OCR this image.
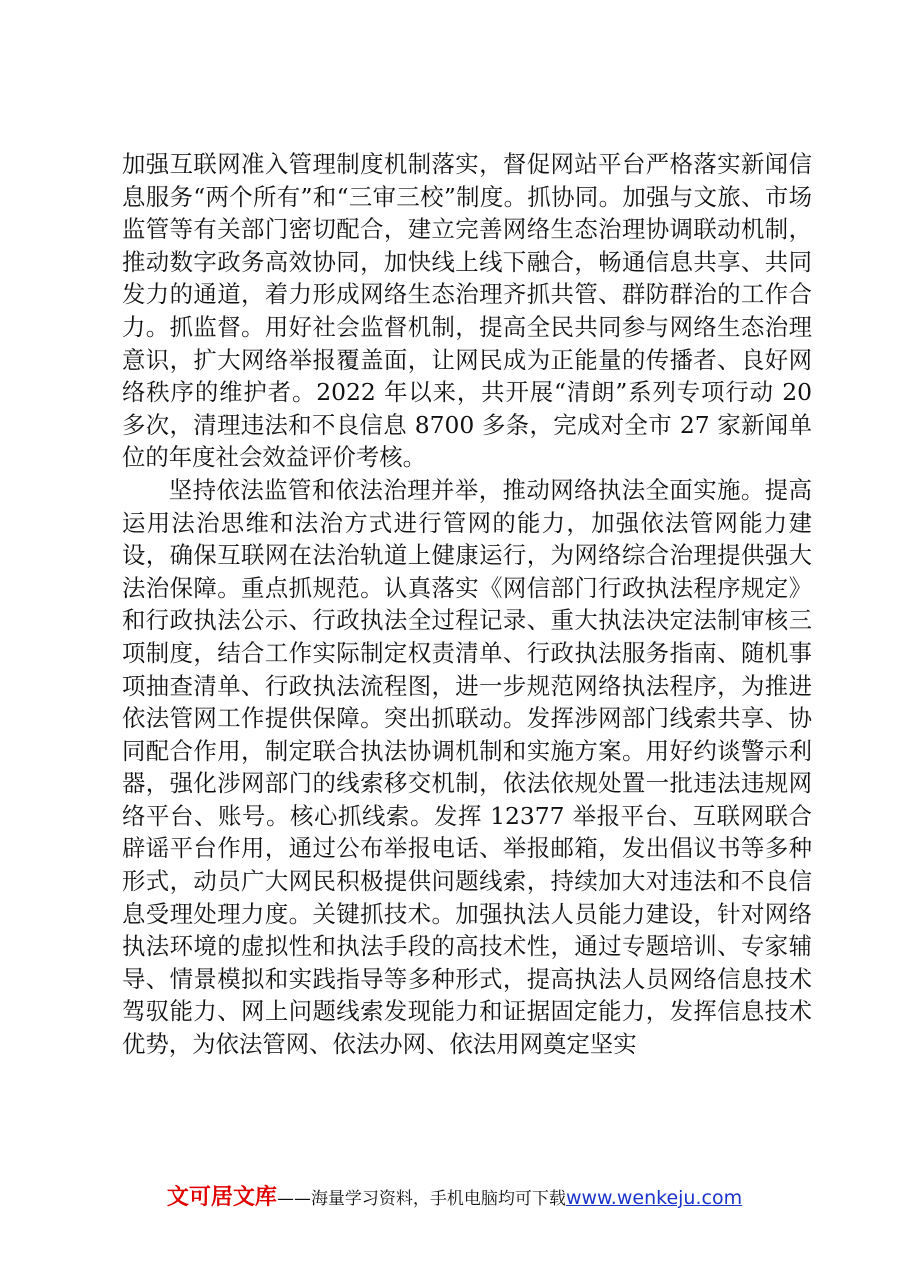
加强互联网准入管理制度机制落实，督促网站平台严格落实新闻信息服务“两个所有”和“三审三校”制度。抓协同。加强与文旅、市场监管等有关部门密切配合，建立完善网络生态治理协调联动机制，推动数字政务高效协同，加快线上线下融合，畅通信息共享、共同发力的通道，着力形成网络生态治理齐抓共管、群防群治的工作合力。抓监督。用好社会监督机制，提高全民共同参与网络生态治理意识，扩大网络举报覆盖面，让网民成为正能量的传播者、良好网络秩序的维护者。2022 年以来，共开展“清朗”系列专项行动 20 多次，清理违法和不良信息 8700 多条，完成对全市 27 家新闻单位的年度社会效益评价考核。

坚持依法监管和依法治理并举，推动网络执法全面实施。提高运用法治思维和法治方式进行管网的能力，加强依法管网能力建设，确保互联网在法治轨道上健康运行，为网络综合治理提供强大法治保障。重点抓规范。认真落实《网信部门行政执法程序规定》和行政执法公示、行政执法全过程记录、重大执法决定法制审核三项制度，结合工作实际制定权责清单、行政执法服务指南、随机事项抽查清单、行政执法流程图，进一步规范网络执法程序，为推进依法管网工作提供保障。突出抓联动。发挥涉网部门线索共享、协同配合作用，制定联合执法协调机制和实施方案。用好约谈警示利器，强化涉网部门的线索移交机制，依法依规处置一批违法违规网络平台、账号。核心抓线索。发挥 12377 举报平台、互联网联合辟谣平台作用，通过公布举报电话、举报邮箱，发出倡议书等多种形式，动员广大网民积极提供问题线索，持续加大对违法和不良信息受理处理力度。关键抓技术。加强执法人员能力建设，针对网络执法环境的虚拟性和执法手段的高技术性，通过专题培训、专家辅导、情景模拟和实践指导等多种形式，提高执法人员网络信息技术驾驭能力、网上问题线索发现能力和证据固定能力，发挥信息技术优势，为依法管网、依法办网、依法用网奠定坚实

文可居文库——海量学习资料，手机电脑均可下载www.wenkeju.com
